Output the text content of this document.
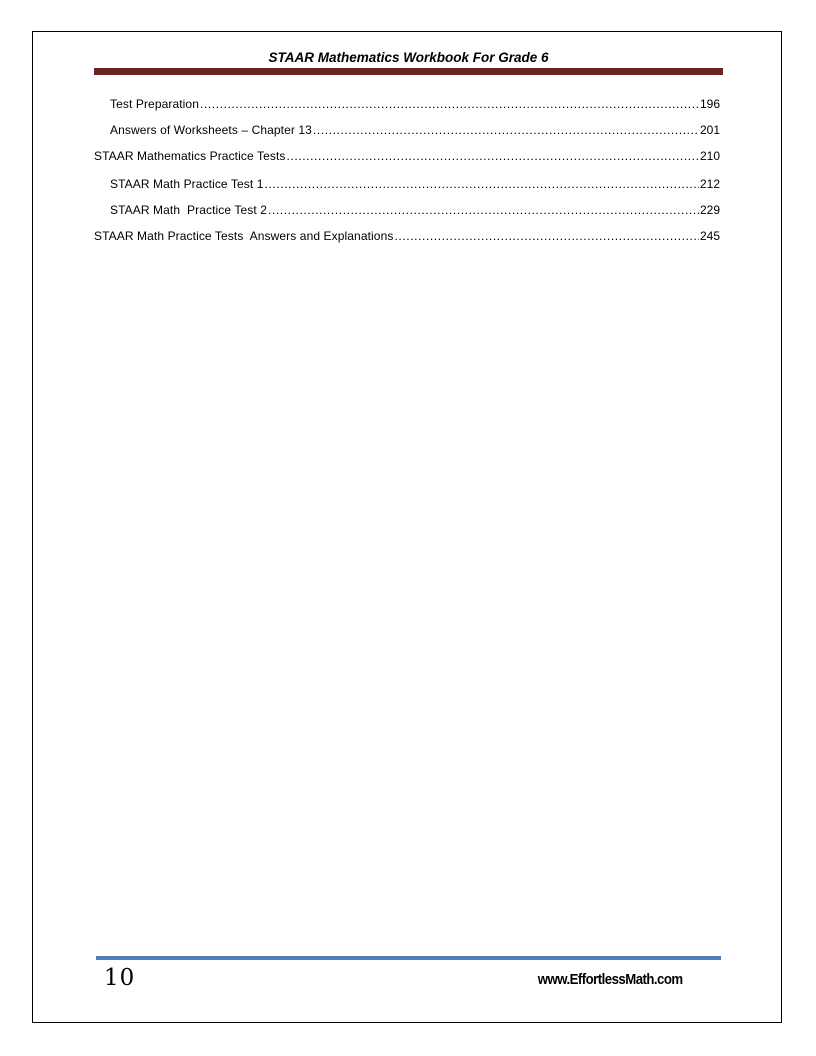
STAAR Mathematics Workbook For Grade 6
Test Preparation .....	196
Answers of Worksheets – Chapter 13 .....	201
STAAR Mathematics Practice Tests .....	210
STAAR Math Practice Test 1 .....	212
STAAR Math  Practice Test 2 .....	229
STAAR Math Practice Tests  Answers and Explanations .....	245
10	www.EffortlessMath.com
